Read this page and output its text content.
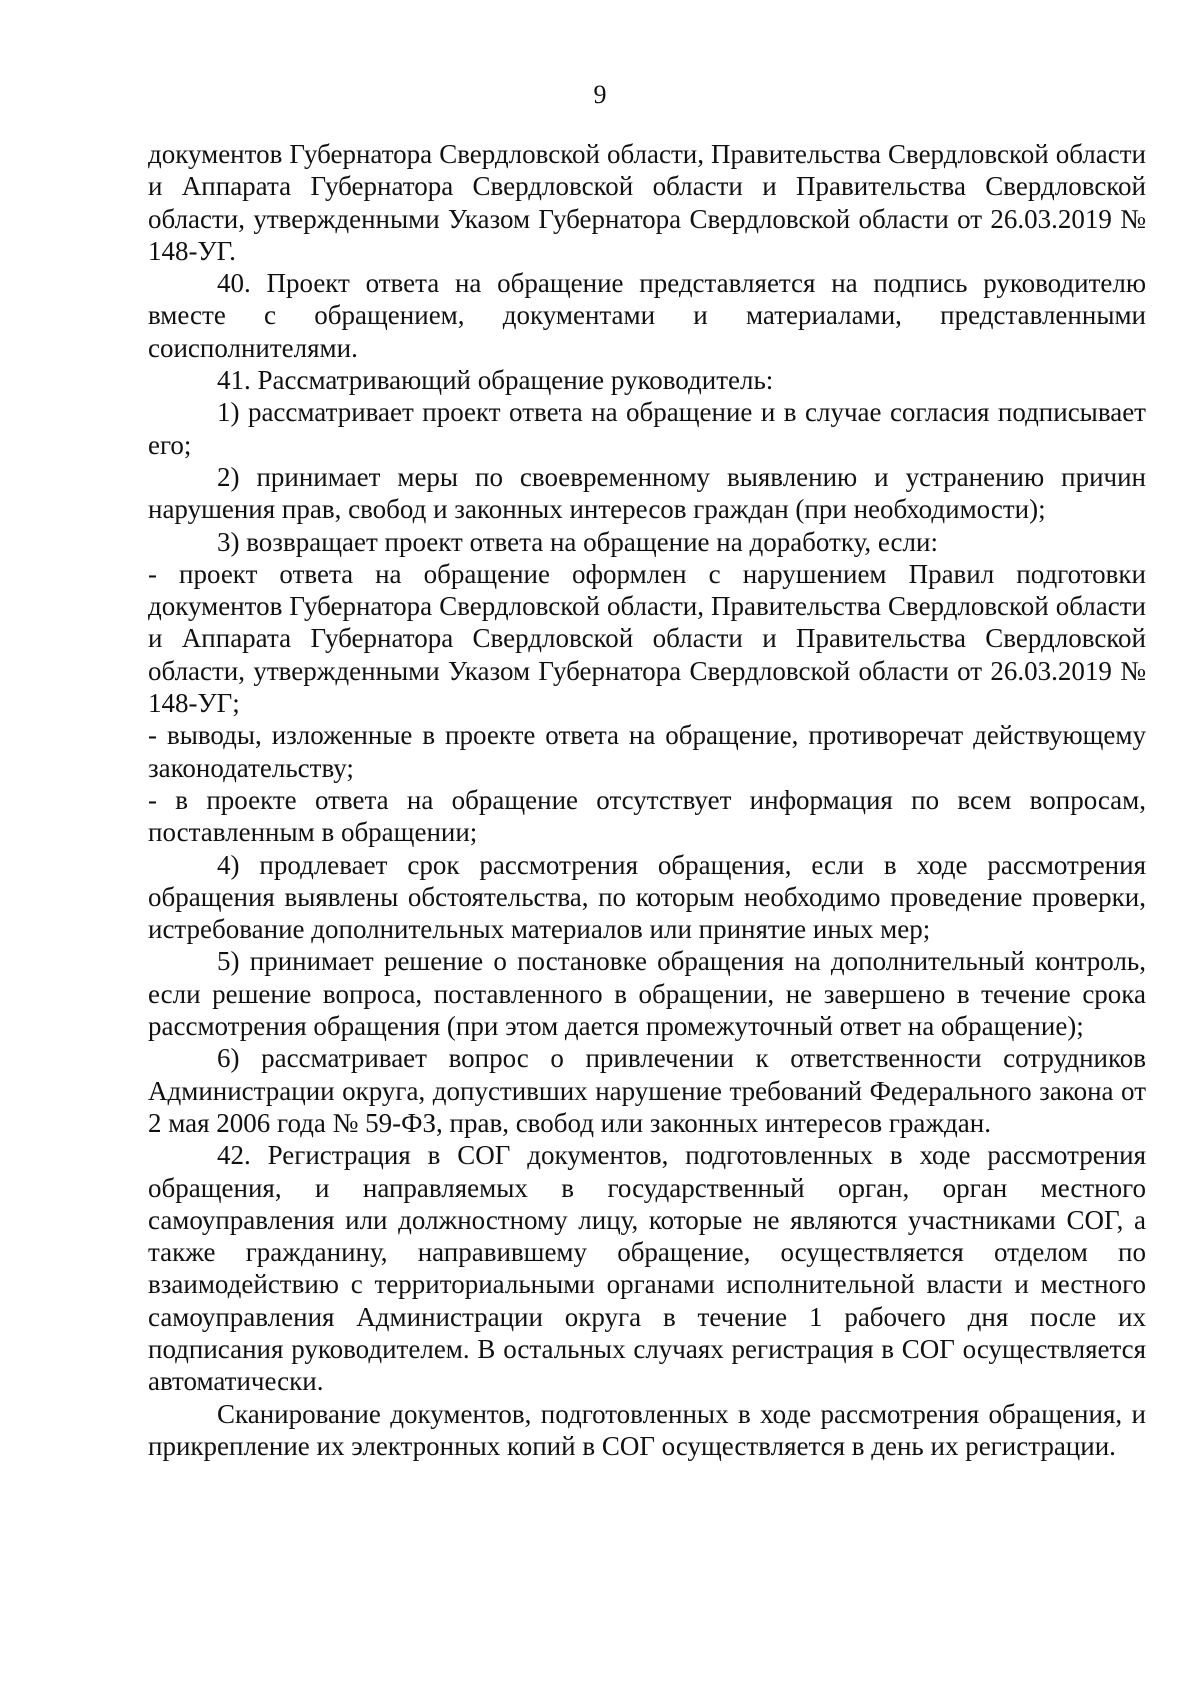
9

документов Губернатора Свердловской области, Правительства Свердловской области и Аппарата Губернатора Свердловской области и Правительства Свердловской области, утвержденными Указом Губернатора Свердловской области от 26.03.2019 № 148-УГ.

40. Проект ответа на обращение представляется на подпись руководителю вместе с обращением, документами и материалами, представленными соисполнителями.

41. Рассматривающий обращение руководитель:

1) рассматривает проект ответа на обращение и в случае согласия подписывает его;

2) принимает меры по своевременному выявлению и устранению причин нарушения прав, свобод и законных интересов граждан (при необходимости);

3) возвращает проект ответа на обращение на доработку, если:

- проект ответа на обращение оформлен с нарушением Правил подготовки документов Губернатора Свердловской области, Правительства Свердловской области и Аппарата Губернатора Свердловской области и Правительства Свердловской области, утвержденными Указом Губернатора Свердловской области от 26.03.2019 № 148-УГ;

- выводы, изложенные в проекте ответа на обращение, противоречат действующему законодательству;

- в проекте ответа на обращение отсутствует информация по всем вопросам, поставленным в обращении;

4) продлевает срок рассмотрения обращения, если в ходе рассмотрения обращения выявлены обстоятельства, по которым необходимо проведение проверки, истребование дополнительных материалов или принятие иных мер;

5) принимает решение о постановке обращения на дополнительный контроль, если решение вопроса, поставленного в обращении, не завершено в течение срока рассмотрения обращения (при этом дается промежуточный ответ на обращение);

6) рассматривает вопрос о привлечении к ответственности сотрудников Администрации округа, допустивших нарушение требований Федерального закона от 2 мая 2006 года № 59-ФЗ, прав, свобод или законных интересов граждан.

42. Регистрация в СОГ документов, подготовленных в ходе рассмотрения обращения, и направляемых в государственный орган, орган местного самоуправления или должностному лицу, которые не являются участниками СОГ, а также гражданину, направившему обращение, осуществляется отделом по взаимодействию с территориальными органами исполнительной власти и местного самоуправления Администрации округа в течение 1 рабочего дня после их подписания руководителем. В остальных случаях регистрация в СОГ осуществляется автоматически.

Сканирование документов, подготовленных в ходе рассмотрения обращения, и прикрепление их электронных копий в СОГ осуществляется в день их регистрации.
